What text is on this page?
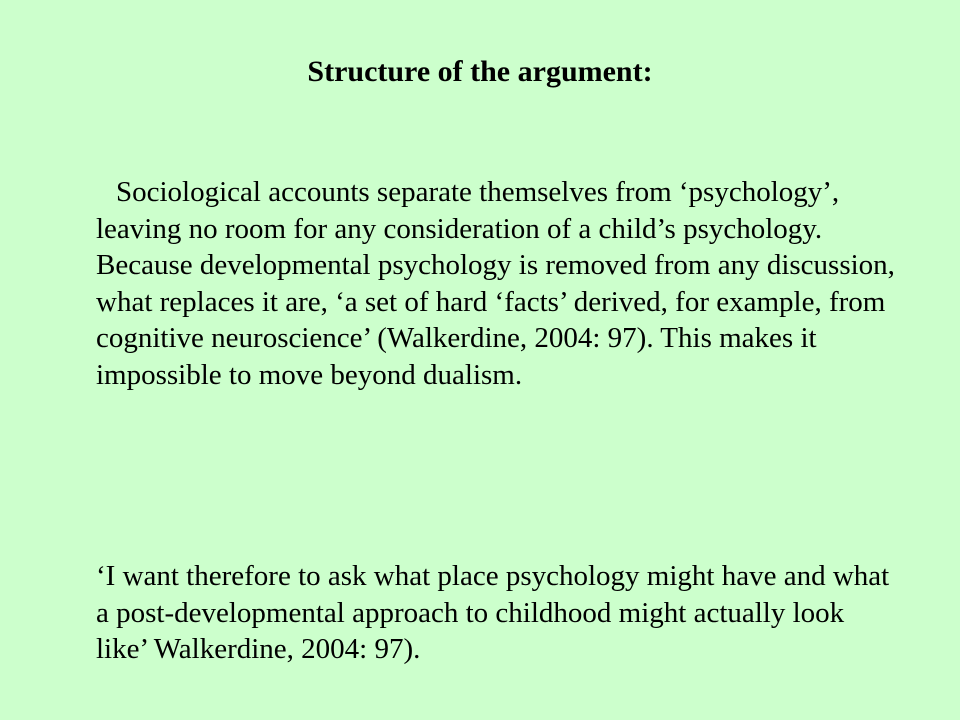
Structure of the argument:

Sociological accounts separate themselves from ‘psychology’, leaving no room for any consideration of a child’s psychology. Because developmental psychology is removed from any discussion, what replaces it are, ‘a set of hard ‘facts’ derived, for example, from cognitive neuroscience’ (Walkerdine, 2004: 97). This makes it impossible to move beyond dualism.

‘I want therefore to ask what place psychology might have and what a post-developmental approach to childhood might actually look like’ Walkerdine, 2004: 97).
